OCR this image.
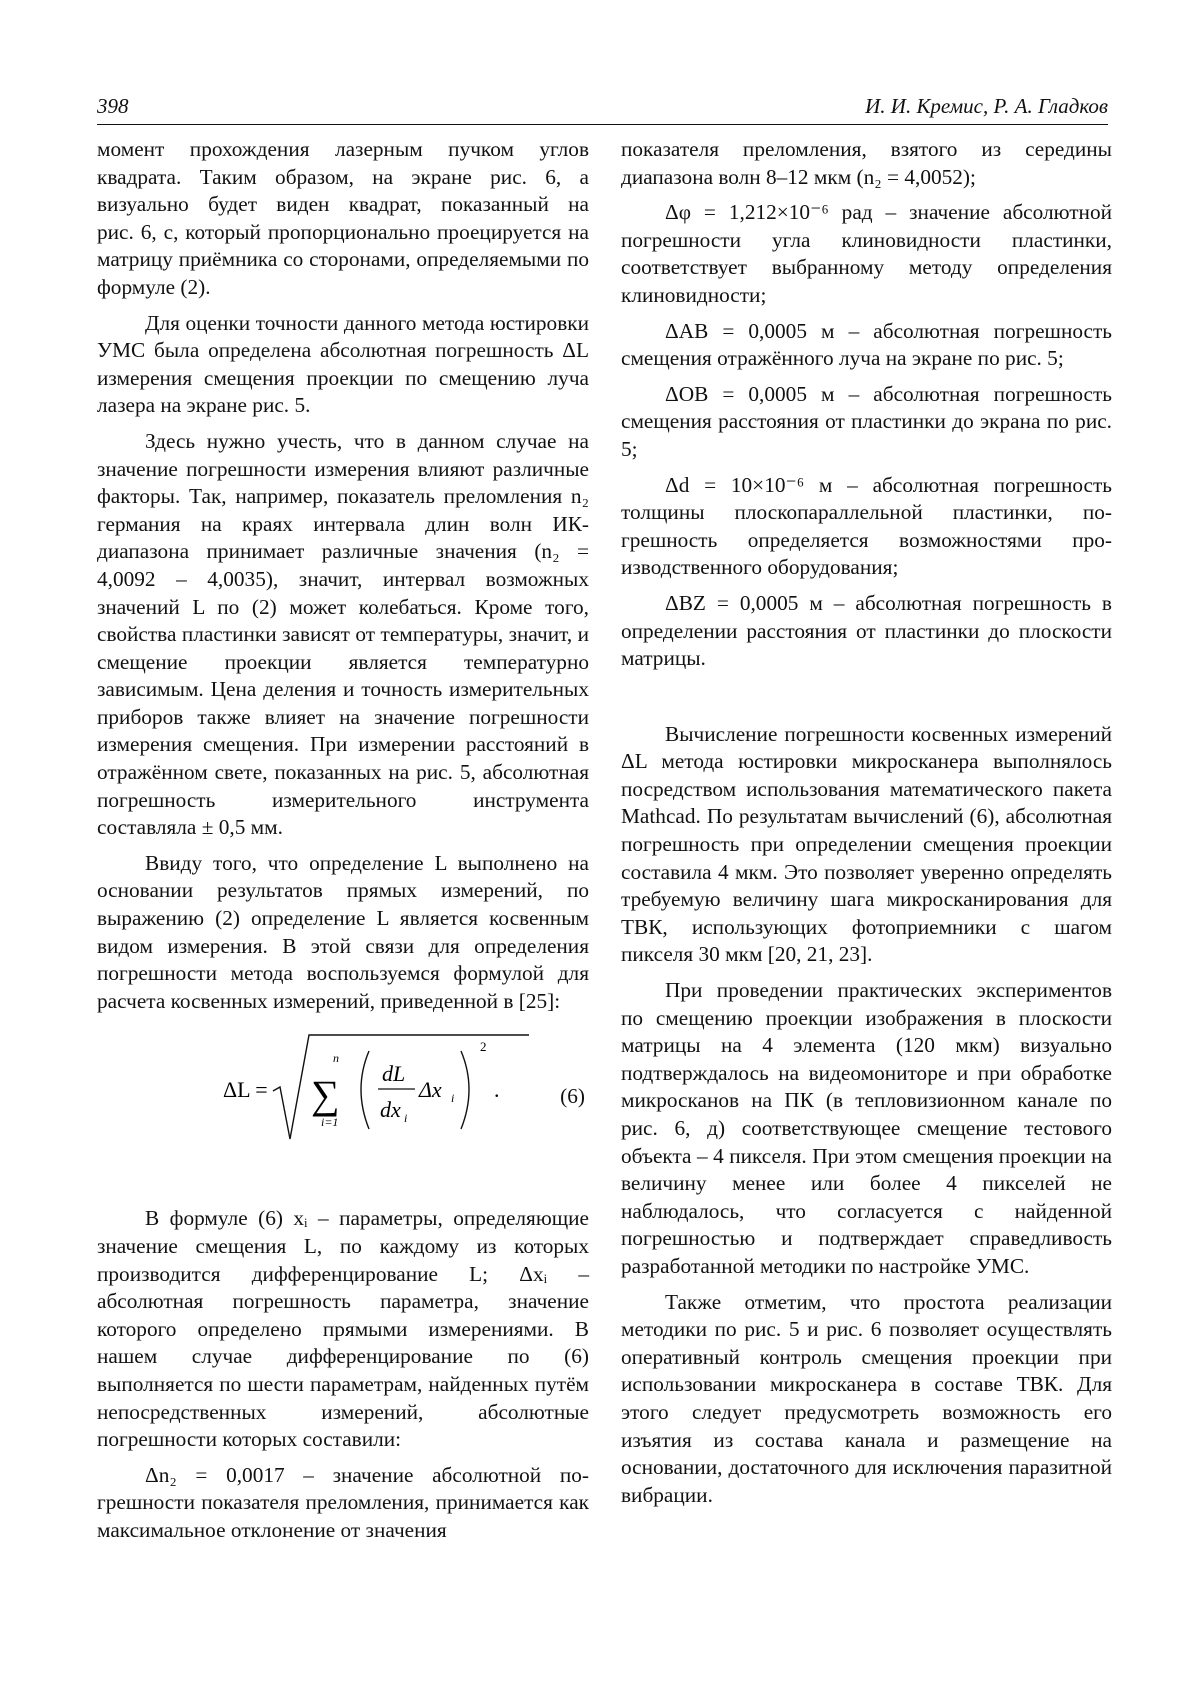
398	И. И. Кремис, Р. А. Гладков

момент прохождения лазерным пучком углов квадрата. Таким образом, на экране рис. 6, а визуально будет виден квадрат, показанный на рис. 6, с, который пропорционально проецируется на матрицу приёмника со сторонами, определяемыми по формуле (2).

Для оценки точности данного метода юстировки УМС была определена абсолютная погрешность ΔL измерения смещения проекции по смещению луча лазера на экране рис. 5.

Здесь нужно учесть, что в данном случае на значение погрешности измерения влияют различные факторы. Так, например, показатель преломления n₂ германия на краях интервала длин волн ИК-диапазона принимает различные значения (n₂ = 4,0092 – 4,0035), значит, интервал возможных значений L по (2) может колебаться. Кроме того, свойства пластинки зависят от температуры, значит, и смещение проекции является температурно зависимым. Цена деления и точность измерительных приборов также влияет на значение погрешности измерения смещения. При измерении расстояний в отражённом свете, показанных на рис. 5, абсолютная погрешность измерительного инструмента составляла ± 0,5 мм.

Ввиду того, что определение L выполнено на основании результатов прямых измерений, по выражению (2) определение L является косвенным видом измерения. В этой связи для определения погрешности метода воспользуемся формулой для расчета косвенных измерений, приведенной в [25]:

ΔL =
n
∑
i=1
dL
dx i
Δx i
2
.	(6)

В формуле (6) xᵢ – параметры, определяющие значение смещения L, по каждому из которых производится дифференцирование L; Δxᵢ – абсолютная погрешность параметра, значение которого определено прямыми измерениями. В нашем случае дифференцирование по (6) выполняется по шести параметрам, найденных путём непосредственных измерений, абсолютные погрешности которых составили:

Δn₂ = 0,0017 – значение абсолютной погрешности показателя преломления, принимается как максимальное отклонение от значения

показателя преломления, взятого из середины диапазона волн 8–12 мкм (n₂ = 4,0052);

Δφ = 1,212×10⁻⁶ рад – значение абсолютной погрешности угла клиновидности пластинки, соответствует выбранному методу определения клиновидности;

ΔAB = 0,0005 м – абсолютная погрешность смещения отражённого луча на экране по рис. 5;

ΔOB = 0,0005 м – абсолютная погрешность смещения расстояния от пластинки до экрана по рис. 5;

Δd = 10×10⁻⁶ м – абсолютная погрешность толщины плоскопараллельной пластинки, погрешность определяется возможностями производственного оборудования;

ΔBZ = 0,0005 м – абсолютная погрешность в определении расстояния от пластинки до плоскости матрицы.

Вычисление погрешности косвенных измерений ΔL метода юстировки микросканера выполнялось посредством использования математического пакета Mathcad. По результатам вычислений (6), абсолютная погрешность при определении смещения проекции составила 4 мкм. Это позволяет уверенно определять требуемую величину шага микросканирования для ТВК, использующих фотоприемники с шагом пикселя 30 мкм [20, 21, 23].

При проведении практических экспериментов по смещению проекции изображения в плоскости матрицы на 4 элемента (120 мкм) визуально подтверждалось на видеомониторе и при обработке микросканов на ПК (в тепловизионном канале по рис. 6, д) соответствующее смещение тестового объекта – 4 пикселя. При этом смещения проекции на величину менее или более 4 пикселей не наблюдалось, что согласуется с найденной погрешностью и подтверждает справедливость разработанной методики по настройке УМС.

Также отметим, что простота реализации методики по рис. 5 и рис. 6 позволяет осуществлять оперативный контроль смещения проекции при использовании микросканера в составе ТВК. Для этого следует предусмотреть возможность его изъятия из состава канала и размещение на основании, достаточного для исключения паразитной вибрации.
